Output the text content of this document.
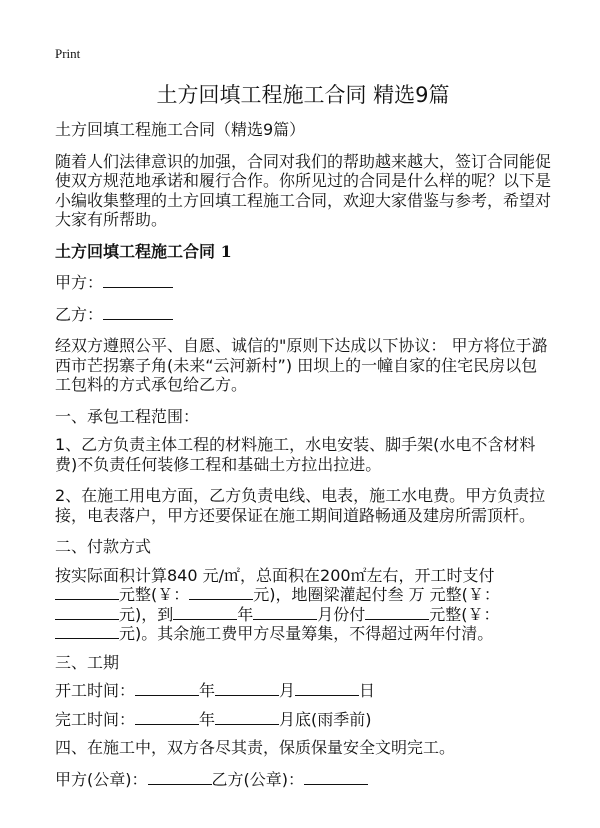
Print
土方回填工程施工合同 精选9篇
土方回填工程施工合同（精选9篇）
随着人们法律意识的加强，合同对我们的帮助越来越大，签订合同能促使双方规范地承诺和履行合作。你所见过的合同是什么样的呢？以下是小编收集整理的土方回填工程施工合同，欢迎大家借鉴与参考，希望对大家有所帮助。
土方回填工程施工合同 1
甲方：
乙方：
经双方遵照公平、自愿、诚信的"原则下达成以下协议： 甲方将位于潞西市芒拐寨子角(未来“云河新村”) 田坝上的一幢自家的住宅民房以包工包料的方式承包给乙方。
一、承包工程范围：
1、乙方负责主体工程的材料施工，水电安装、脚手架(水电不含材料费)不负责任何装修工程和基础土方拉出拉进。
2、在施工用电方面，乙方负责电线、电表，施工水电费。甲方负责拉接，电表落户，甲方还要保证在施工期间道路畅通及建房所需顶杆。
二、付款方式
按实际面积计算840 元/㎡，总面积在200㎡左右，开工时支付元整(￥：	元)，地圈梁灌起付叁 万 元整(￥：元)，到	年	月份付	元整(￥：元)。其余施工费甲方尽量筹集，不得超过两年付清。
三、工期
开工时间：	年	月	日
完工时间：	年	月底(雨季前)
四、在施工中，双方各尽其责，保质保量安全文明完工。
甲方(公章)：	乙方(公章)：
